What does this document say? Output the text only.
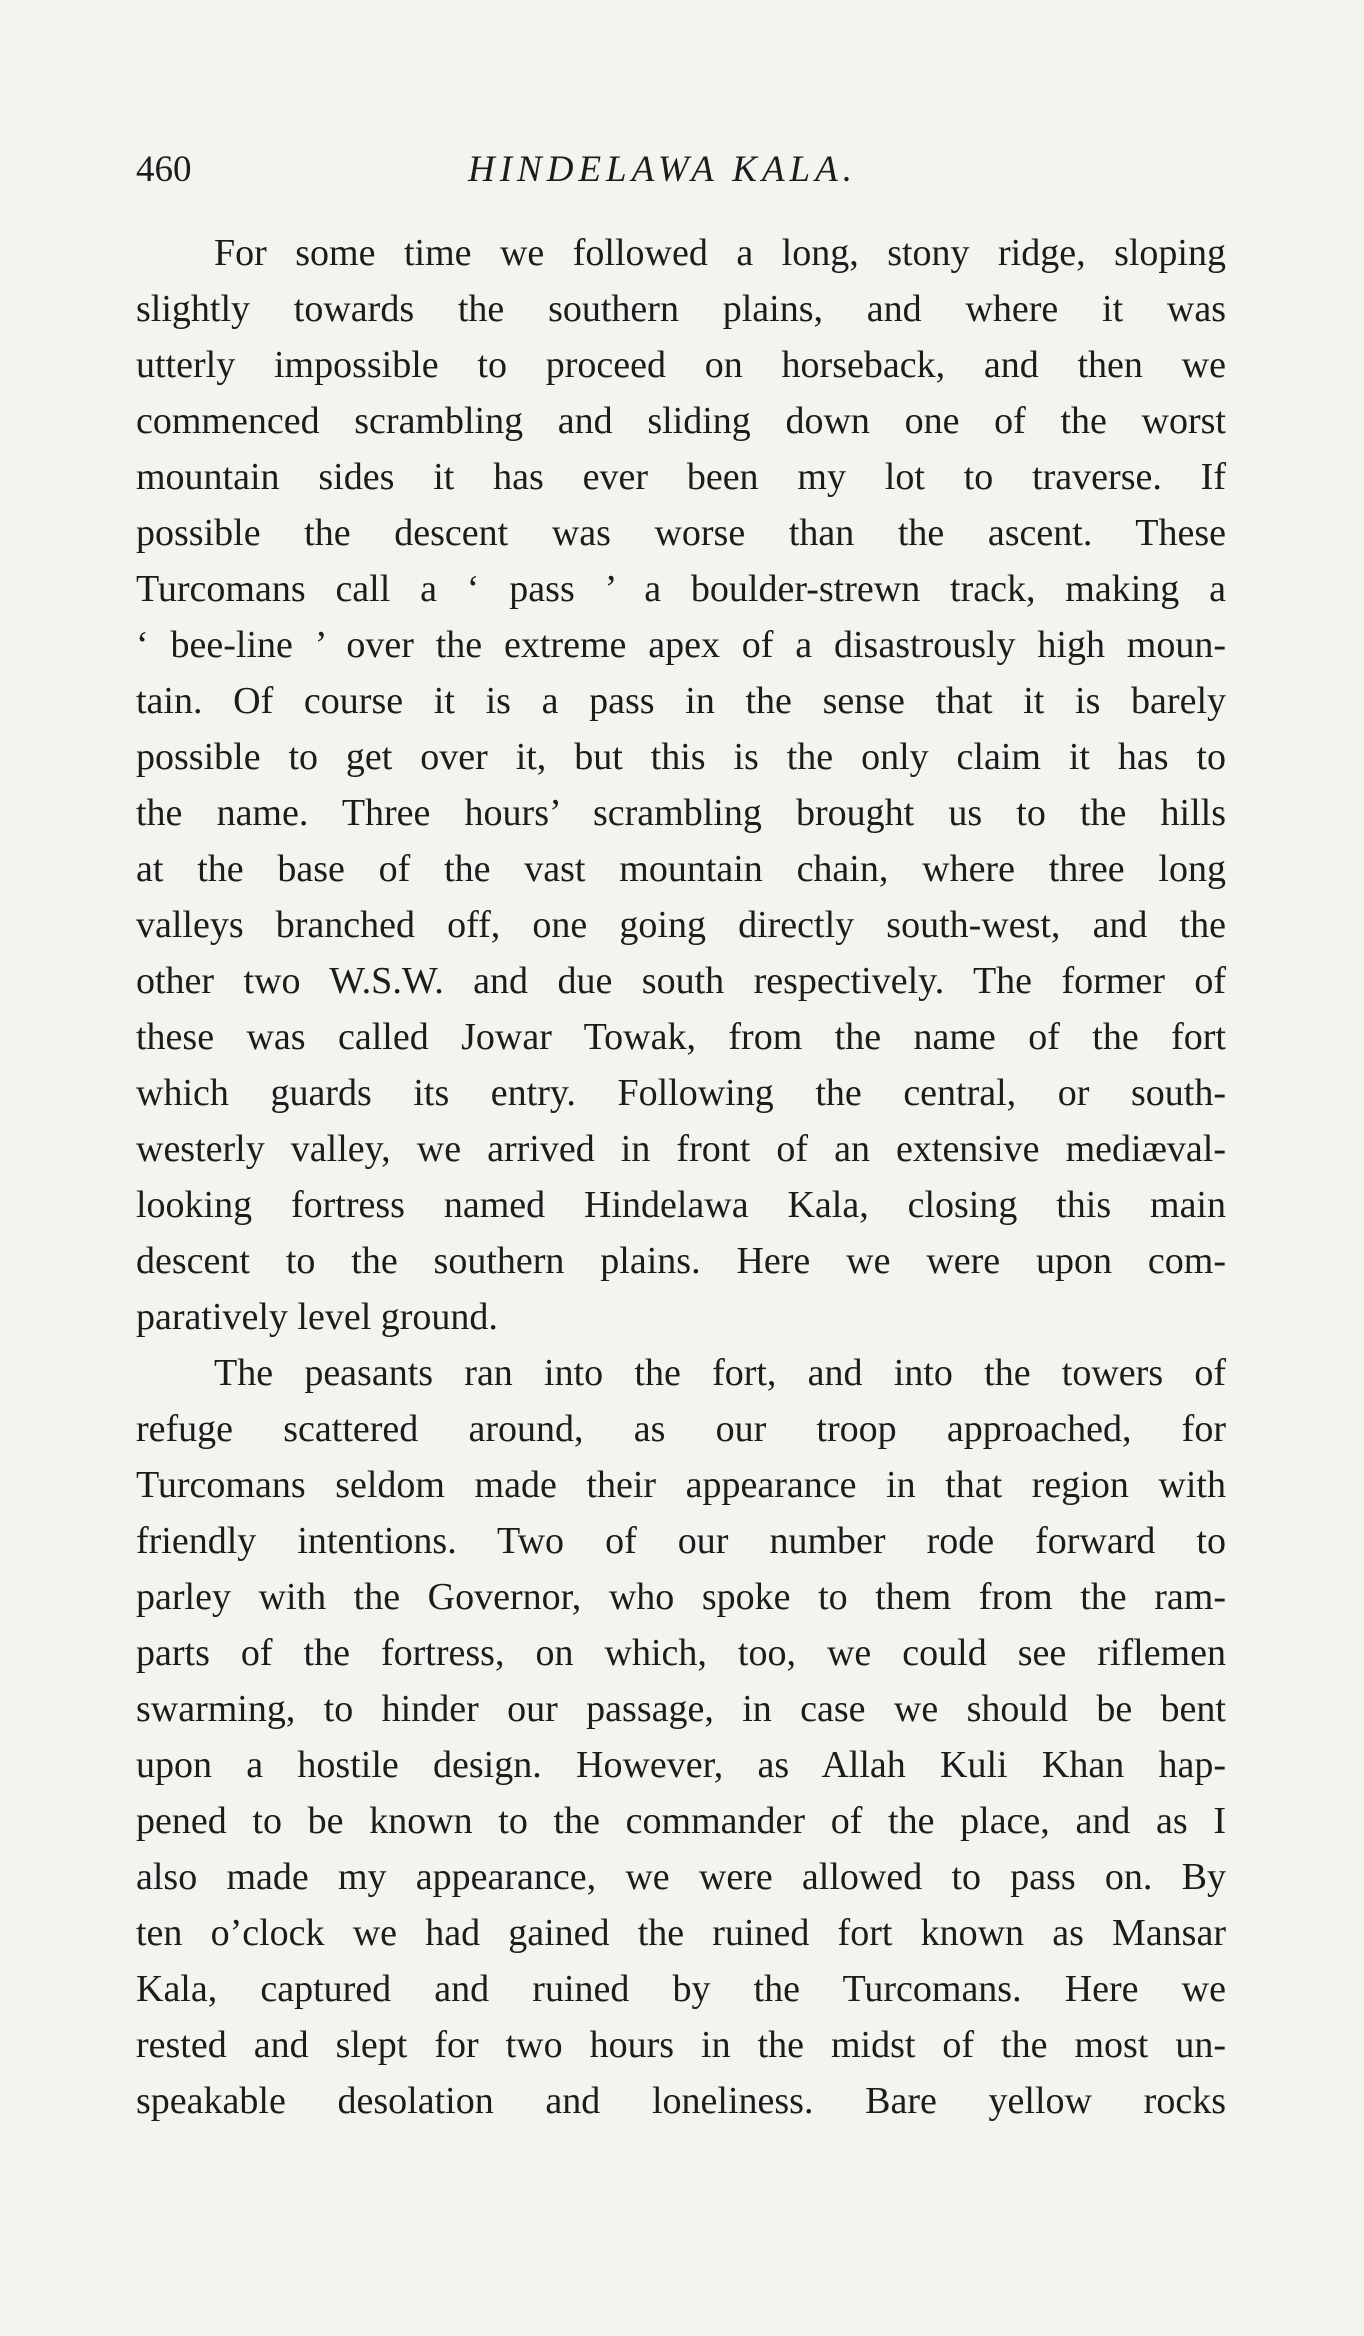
460	HINDELAWA KALA.
For some time we followed a long, stony ridge, sloping
slightly towards the southern plains, and where it was
utterly impossible to proceed on horseback, and then we
commenced scrambling and sliding down one of the worst
mountain sides it has ever been my lot to traverse. If
possible the descent was worse than the ascent. These
Turcomans call a ‘ pass ’ a boulder-strewn track, making a
‘ bee-line ’ over the extreme apex of a disastrously high moun-
tain. Of course it is a pass in the sense that it is barely
possible to get over it, but this is the only claim it has to
the name. Three hours’ scrambling brought us to the hills
at the base of the vast mountain chain, where three long
valleys branched off, one going directly south-west, and the
other two W.S.W. and due south respectively. The former of
these was called Jowar Towak, from the name of the fort
which guards its entry. Following the central, or south-
westerly valley, we arrived in front of an extensive mediæval-
looking fortress named Hindelawa Kala, closing this main
descent to the southern plains. Here we were upon com-
paratively level ground.
The peasants ran into the fort, and into the towers of
refuge scattered around, as our troop approached, for
Turcomans seldom made their appearance in that region with
friendly intentions. Two of our number rode forward to
parley with the Governor, who spoke to them from the ram-
parts of the fortress, on which, too, we could see riflemen
swarming, to hinder our passage, in case we should be bent
upon a hostile design. However, as Allah Kuli Khan hap-
pened to be known to the commander of the place, and as I
also made my appearance, we were allowed to pass on. By
ten o’clock we had gained the ruined fort known as Mansar
Kala, captured and ruined by the Turcomans. Here we
rested and slept for two hours in the midst of the most un-
speakable desolation and loneliness. Bare yellow rocks
